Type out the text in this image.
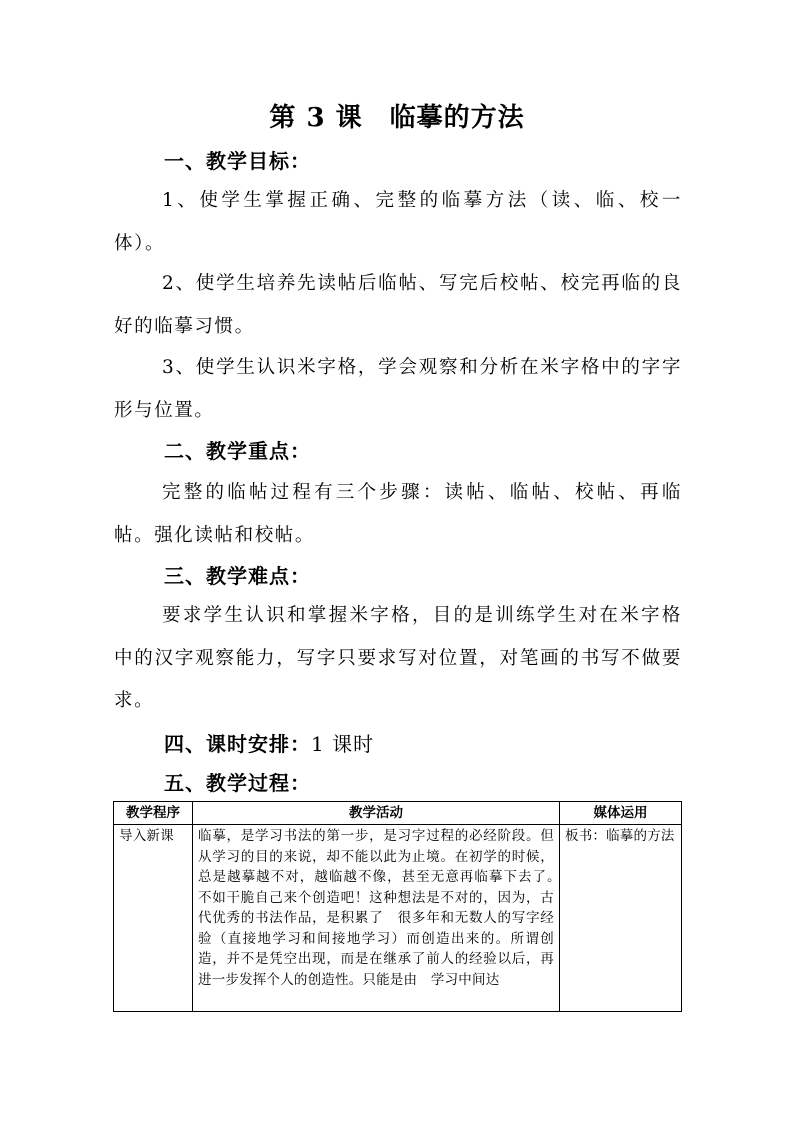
第 3 课　临摹的方法
一、教学目标：
1、使学生掌握正确、完整的临摹方法（读、临、校一体）。
2、使学生培养先读帖后临帖、写完后校帖、校完再临的良好的临摹习惯。
3、使学生认识米字格，学会观察和分析在米字格中的字字形与位置。
二、教学重点：
完整的临帖过程有三个步骤：读帖、临帖、校帖、再临帖。强化读帖和校帖。
三、教学难点：
要求学生认识和掌握米字格，目的是训练学生对在米字格中的汉字观察能力，写字只要求写对位置，对笔画的书写不做要求。
四、课时安排：1 课时
五、教学过程：
教学程序	教学活动	媒体运用

导入新课	临摹，是学习书法的第一步，是习字过程的必经阶段。但从学习的目的来说，却不能以此为止境。在初学的时候，总是越摹越不对，越临越不像，甚至无意再临摹下去了。　不如干脆自己来个创造吧！这种想法是不对的，因为，古代优秀的书法作品，是积累了　很多年和无数人的写字经验（直接地学习和间接地学习）而创造出来的。所谓创造，并不是凭空出现，而是在继承了前人的经验以后，再进一步发挥个人的创造性。只能是由　学习中间达	板书：临摹的方法
